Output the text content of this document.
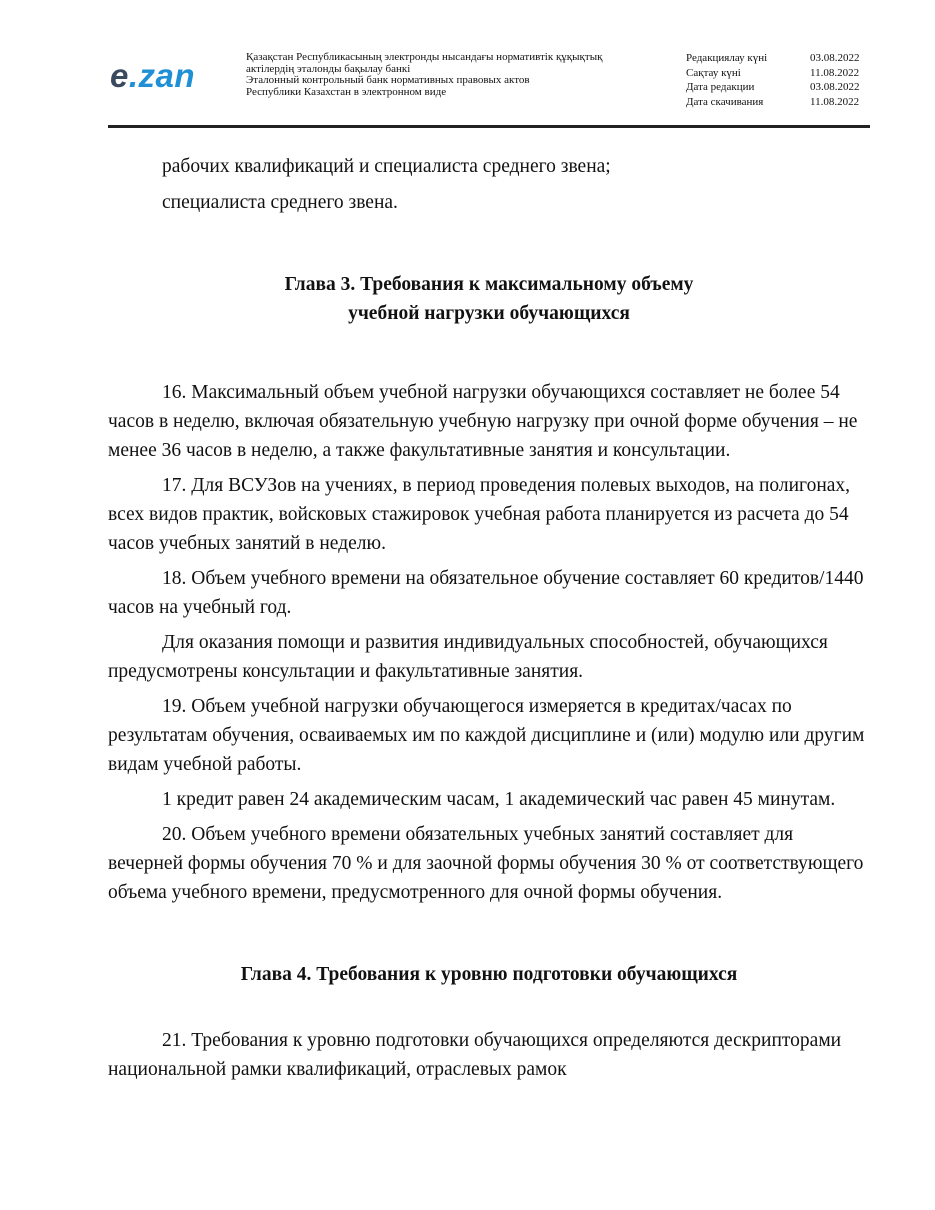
e.zan	Қазақстан Республикасының электронды нысандағы нормативтік құқықтық
актілердің эталонды бақылау банкі
Эталонный контрольный банк нормативных правовых актов
Республики Казахстан в электронном виде
Редакциялау күні	03.08.2022
Сақтау күні	11.08.2022
Дата редакции	03.08.2022
Дата скачивания	11.08.2022

рабочих квалификаций и специалиста среднего звена;

специалиста среднего звена.

Глава 3. Требования к максимальному объему
учебной нагрузки обучающихся

16. Максимальный объем учебной нагрузки обучающихся составляет не более 54 часов в неделю, включая обязательную учебную нагрузку при очной форме обучения – не менее 36 часов в неделю, а также факультативные занятия и консультации.

17. Для ВСУЗов на учениях, в период проведения полевых выходов, на полигонах, всех видов практик, войсковых стажировок учебная работа планируется из расчета до 54 часов учебных занятий в неделю.

18. Объем учебного времени на обязательное обучение составляет 60 кредитов/1440 часов на учебный год.

Для оказания помощи и развития индивидуальных способностей, обучающихся предусмотрены консультации и факультативные занятия.

19. Объем учебной нагрузки обучающегося измеряется в кредитах/часах по результатам обучения, осваиваемых им по каждой дисциплине и (или) модулю или другим видам учебной работы.

1 кредит равен 24 академическим часам, 1 академический час равен 45 минутам.

20. Объем учебного времени обязательных учебных занятий составляет для вечерней формы обучения 70 % и для заочной формы обучения 30 % от соответствующего объема учебного времени, предусмотренного для очной формы обучения.

Глава 4. Требования к уровню подготовки обучающихся

21. Требования к уровню подготовки обучающихся определяются дескрипторами национальной рамки квалификаций, отраслевых рамок
